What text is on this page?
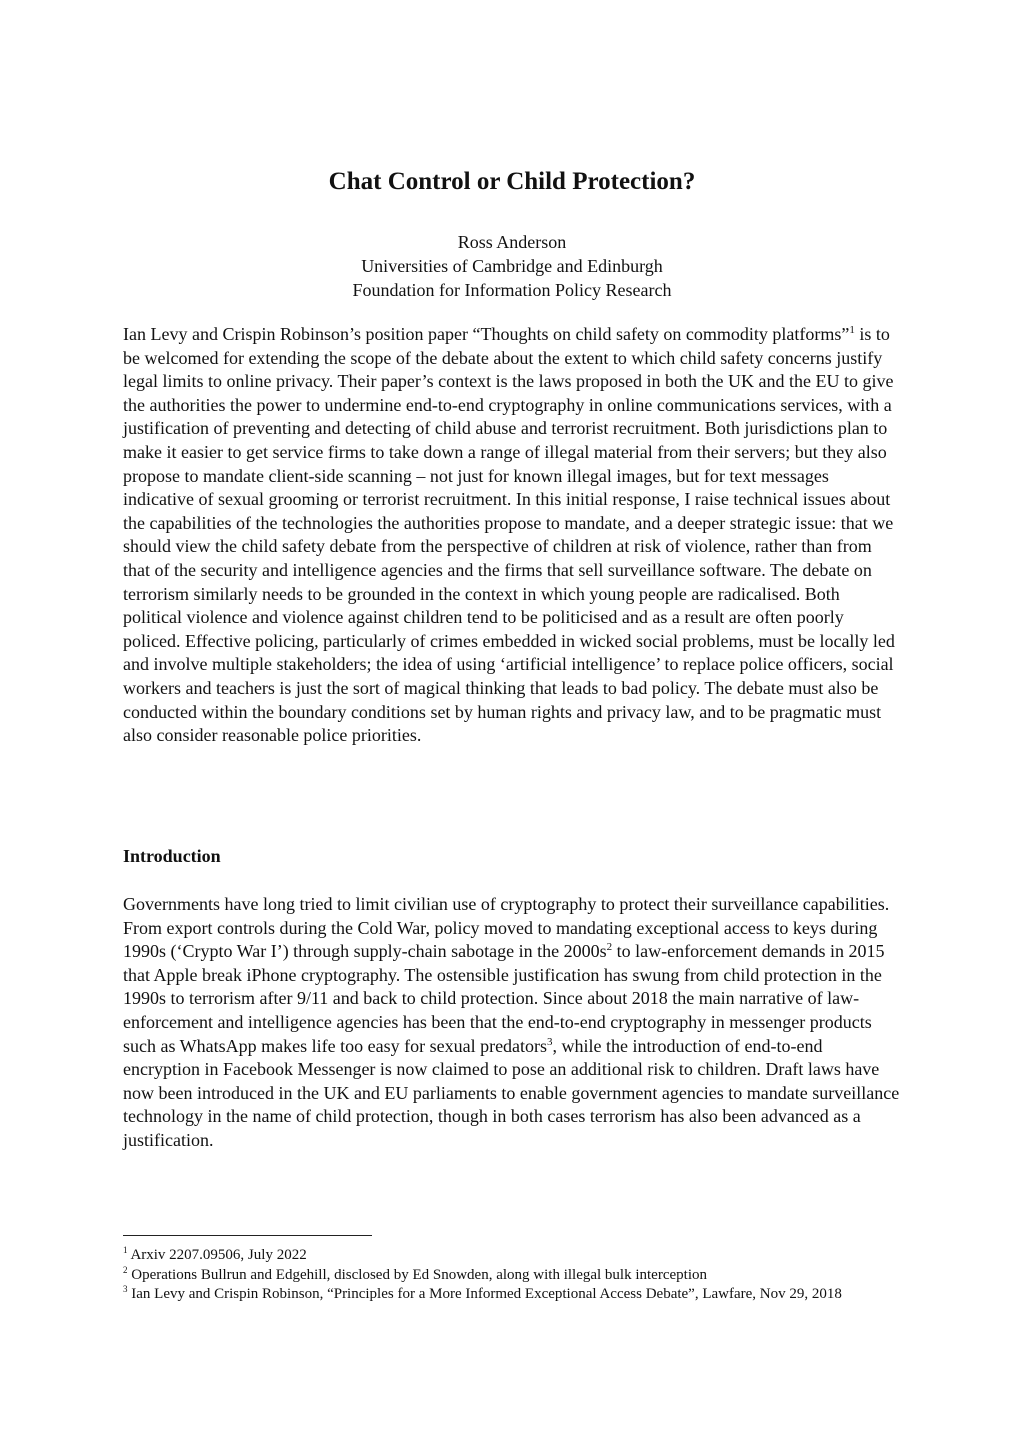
Chat Control or Child Protection?
Ross Anderson
Universities of Cambridge and Edinburgh
Foundation for Information Policy Research

Ian Levy and Crispin Robinson’s position paper “Thoughts on child safety on commodity platforms”$^1$ is to be welcomed for extending the scope of the debate about the extent to which child safety concerns justify legal limits to online privacy. Their paper’s context is the laws proposed in both the UK and the EU to give the authorities the power to undermine end-to-end cryptography in online communications services, with a justification of preventing and detecting of child abuse and terrorist recruitment. Both jurisdictions plan to make it easier to get service firms to take down a range of illegal material from their servers; but they also propose to mandate client-side scanning – not just for known illegal images, but for text messages indicative of sexual grooming or terrorist recruitment. In this initial response, I raise technical issues about the capabilities of the technologies the authorities propose to mandate, and a deeper strategic issue: that we should view the child safety debate from the perspective of children at risk of violence, rather than from that of the security and intelligence agencies and the firms that sell surveillance software. The debate on terrorism similarly needs to be grounded in the context in which young people are radicalised. Both political violence and violence against children tend to be politicised and as a result are often poorly policed. Effective policing, particularly of crimes embedded in wicked social problems, must be locally led and involve multiple stakeholders; the idea of using ‘artificial intelligence’ to replace police officers, social workers and teachers is just the sort of magical thinking that leads to bad policy. The debate must also be conducted within the boundary conditions set by human rights and privacy law, and to be pragmatic must also consider reasonable police priorities.

Introduction

Governments have long tried to limit civilian use of cryptography to protect their surveillance capabilities. From export controls during the Cold War, policy moved to mandating exceptional access to keys during 1990s (‘Crypto War I’) through supply-chain sabotage in the $2000s^2$ to law-enforcement demands in 2015 that Apple break iPhone cryptography. The ostensible justification has swung from child protection in the 1990s to terrorism after 9/11 and back to child protection. Since about 2018 the main narrative of law-enforcement and intelligence agencies has been that the end-to-end cryptography in messenger products such as WhatsApp makes life too easy for sexual predators$^3$, while the introduction of end-to-end encryption in Facebook Messenger is now claimed to pose an additional risk to children. Draft laws have now been introduced in the UK and EU parliaments to enable government agencies to mandate surveillance technology in the name of child protection, though in both cases terrorism has also been advanced as a justification.

$^1$ Arxiv 2207.09506, July 2022

$^2$ Operations Bullrun and Edgehill, disclosed by Ed Snowden, along with illegal bulk interception

$^3$ Ian Levy and Crispin Robinson, “Principles for a More Informed Exceptional Access Debate”, Lawfare, Nov 29, 2018
